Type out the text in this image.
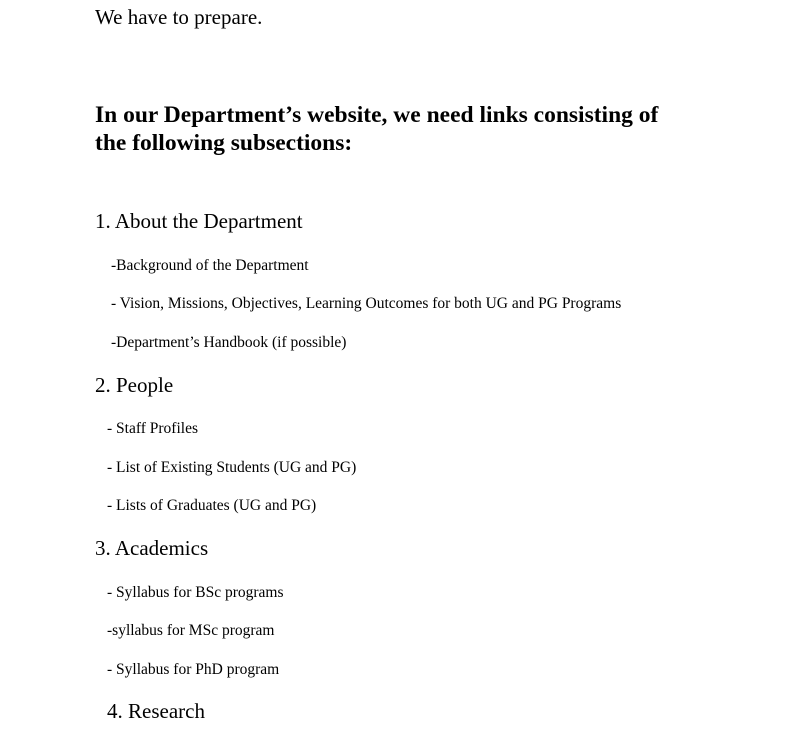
We have to prepare.

In our Department’s website, we need links consisting of the following subsections:

1. About the Department

-Background of the Department

- Vision, Missions, Objectives, Learning Outcomes for both UG and PG Programs

-Department’s Handbook (if possible)

2. People

- Staff Profiles

- List of Existing Students (UG and PG)

- Lists of Graduates (UG and PG)

3. Academics

- Syllabus for BSc programs

-syllabus for MSc program

- Syllabus for PhD program

4. Research
